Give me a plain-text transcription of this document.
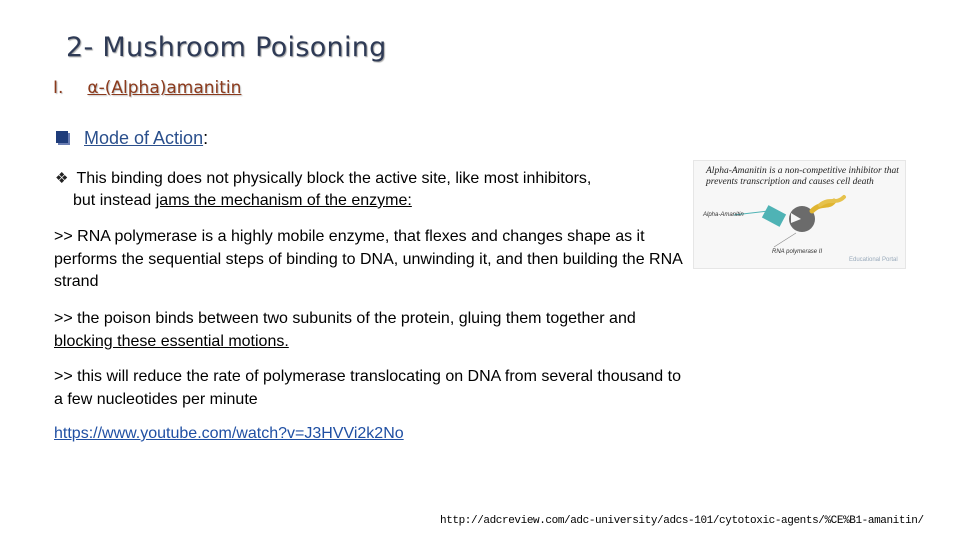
2- Mushroom Poisoning
I. α-(Alpha)amanitin
Mode of Action:
❖ This binding does not physically block the active site, like most inhibitors,
but instead jams the mechanism of the enzyme:
>> RNA polymerase is a highly mobile enzyme, that flexes and changes shape as it performs the sequential steps of binding to DNA, unwinding it, and then building the RNA strand
>> the poison binds between two subunits of the protein, gluing them together and blocking these essential motions.
>> this will reduce the rate of polymerase translocating on DNA from several thousand to a few nucleotides per minute
https://www.youtube.com/watch?v=J3HVVi2k2No
http://adcreview.com/adc-university/adcs-101/cytotoxic-agents/%CE%B1-amanitin/
Alpha-Amanitin is a non-competitive inhibitor that prevents transcription and causes cell death
Alpha-Amanitin
RNA polymerase II
Educational Portal
